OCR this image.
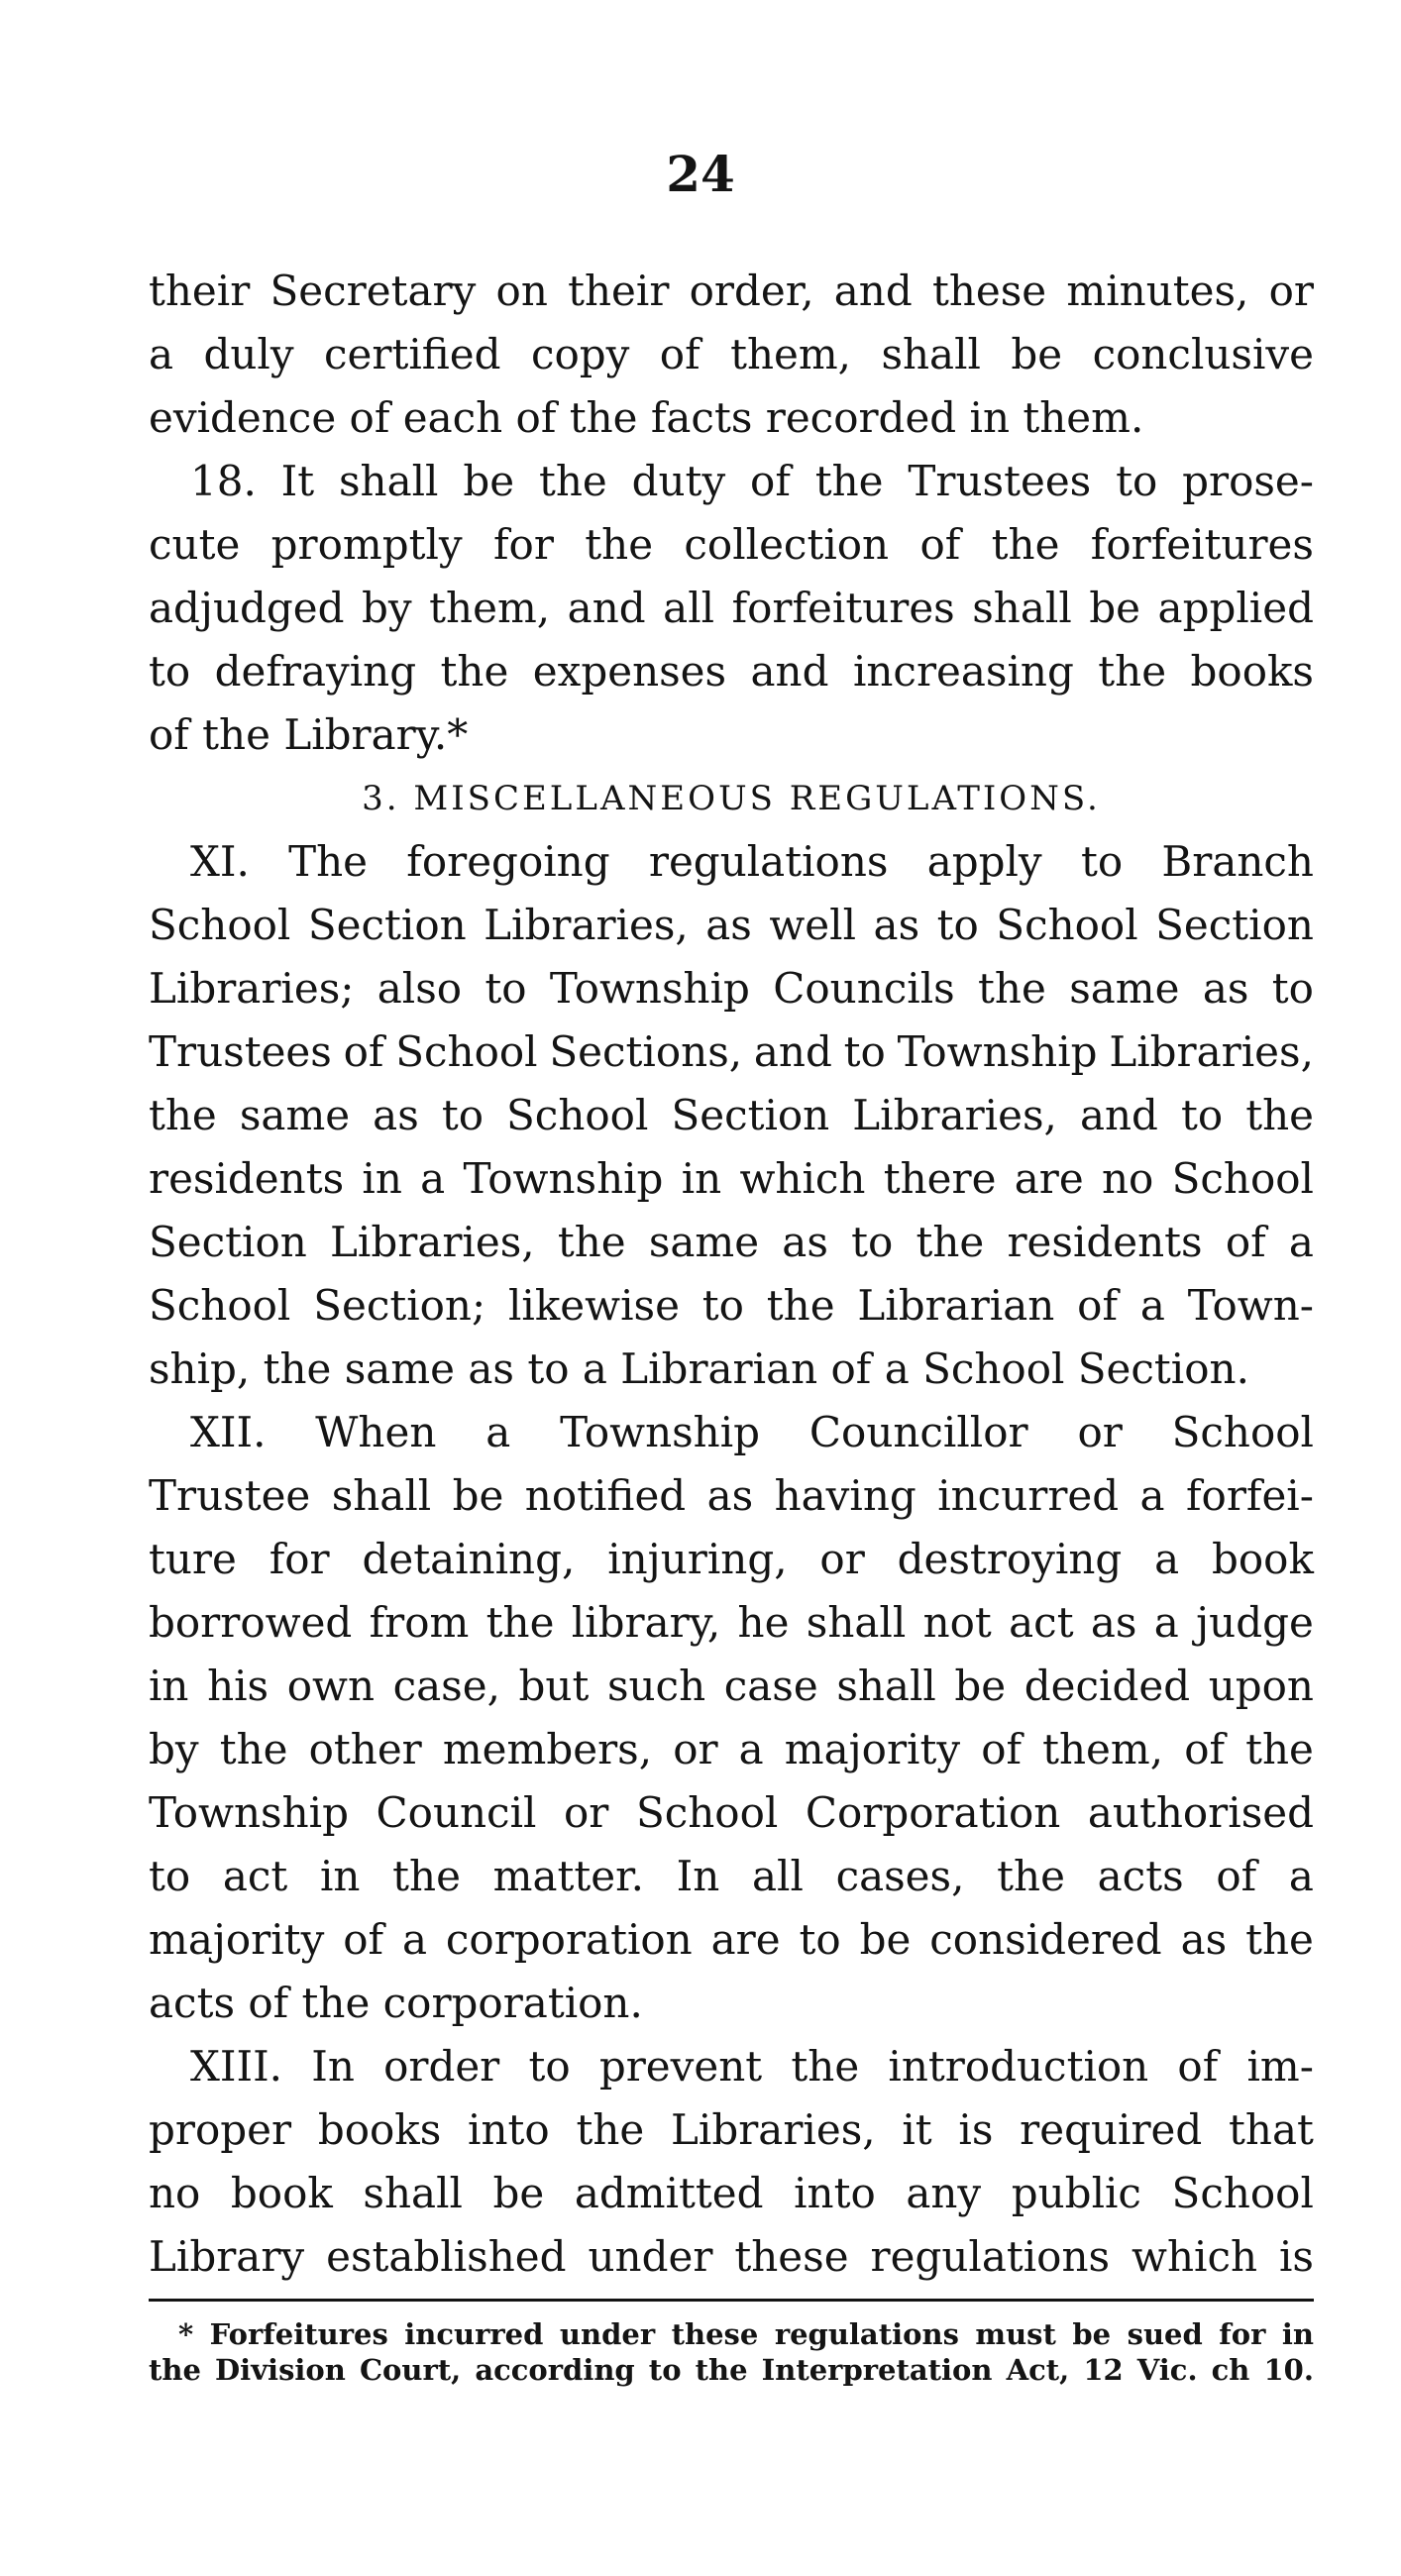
24
their Secretary on their order, and these minutes, or
a duly certified copy of them, shall be conclusive
evidence of each of the facts recorded in them.
18. It shall be the duty of the Trustees to prose-
cute promptly for the collection of the forfeitures
adjudged by them, and all forfeitures shall be applied
to defraying the expenses and increasing the books
of the Library.*
3. MISCELLANEOUS REGULATIONS.
XI. The foregoing regulations apply to Branch
School Section Libraries, as well as to School Section
Libraries; also to Township Councils the same as to
Trustees of School Sections, and to Township Libraries,
the same as to School Section Libraries, and to the
residents in a Township in which there are no School
Section Libraries, the same as to the residents of a
School Section; likewise to the Librarian of a Town-
ship, the same as to a Librarian of a School Section.
XII. When a Township Councillor or School
Trustee shall be notified as having incurred a forfei-
ture for detaining, injuring, or destroying a book
borrowed from the library, he shall not act as a judge
in his own case, but such case shall be decided upon
by the other members, or a majority of them, of the
Township Council or School Corporation authorised
to act in the matter. In all cases, the acts of a
majority of a corporation are to be considered as the
acts of the corporation.
XIII. In order to prevent the introduction of im-
proper books into the Libraries, it is required that
no book shall be admitted into any public School
Library established under these regulations which is
* Forfeitures incurred under these regulations must be sued for in
the Division Court, according to the Interpretation Act, 12 Vic. ch 10.
